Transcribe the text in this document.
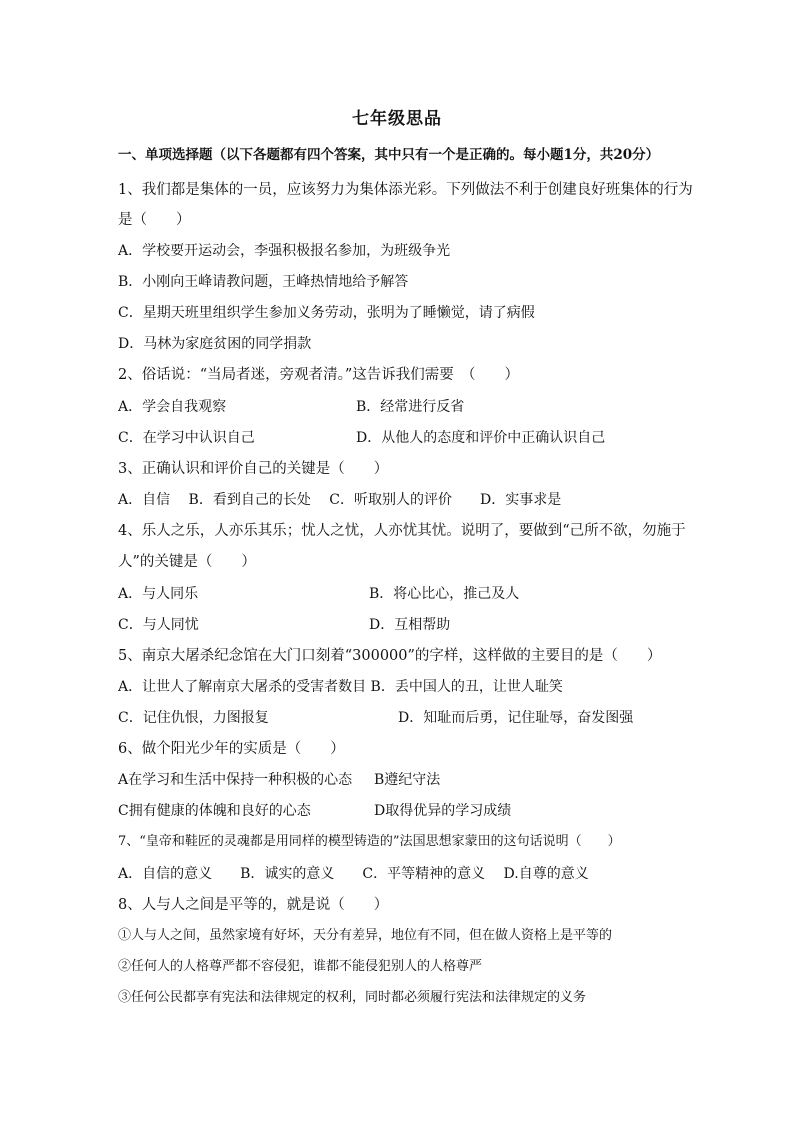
七年级思品
一、单项选择题（以下各题都有四个答案，其中只有一个是正确的。每小题1分，共20分）
1、我们都是集体的一员，应该努力为集体添光彩。下列做法不利于创建良好班集体的行为
是（　　）
A．学校要开运动会，李强积极报名参加，为班级争光
B．小刚向王峰请教问题，王峰热情地给予解答
C．星期天班里组织学生参加义务劳动，张明为了睡懒觉，请了病假
D．马林为家庭贫困的同学捐款
2、俗话说：“当局者迷，旁观者清。”这告诉我们需要　（　　）
A．学会自我观察	B．经常进行反省
C．在学习中认识自己	D．从他人的态度和评价中正确认识自己
3、正确认识和评价自己的关键是（　　）
A．自信　 B．看到自己的长处　 C．听取别人的评价　　D．实事求是
4、乐人之乐，人亦乐其乐；忧人之忧，人亦忧其忧。说明了，要做到“己所不欲，勿施于
人”的关键是（　　）
A．与人同乐	B．将心比心，推己及人
C．与人同忧	D．互相帮助
5、南京大屠杀纪念馆在大门口刻着“300000”的字样，这样做的主要目的是（　　）
A．让世人了解南京大屠杀的受害者数目 B．丢中国人的丑，让世人耻笑
C．记住仇恨，力图报复	D．知耻而后勇，记住耻辱，奋发图强
6、做个阳光少年的实质是（　　）
A在学习和生活中保持一种积极的心态 B遵纪守法
C拥有健康的体魄和良好的心态	D取得优异的学习成绩
7、“皇帝和鞋匠的灵魂都是用同样的模型铸造的”法国思想家蒙田的这句话说明（　　）
A．自信的意义　　B．诚实的意义　　C．平等精神的意义　 D.自尊的意义
8、人与人之间是平等的，就是说（　　）
①人与人之间，虽然家境有好坏，天分有差异，地位有不同，但在做人资格上是平等的
②任何人的人格尊严都不容侵犯，谁都不能侵犯别人的人格尊严
③任何公民都享有宪法和法律规定的权利，同时都必须履行宪法和法律规定的义务
